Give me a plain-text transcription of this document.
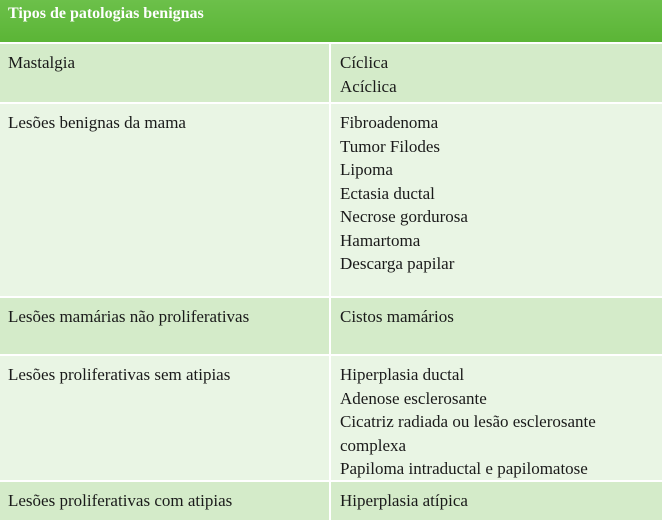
Tipos de patologias benignas
Mastalgia	Cíclica
Acíclica
Lesões benignas da mama	Fibroadenoma
Tumor Filodes
Lipoma
Ectasia ductal
Necrose gordurosa
Hamartoma
Descarga papilar
Lesões mamárias não proliferativas	Cistos mamários
Lesões proliferativas sem atipias	Hiperplasia ductal
Adenose esclerosante
Cicatriz radiada ou lesão esclerosante
complexa
Papiloma intraductal e papilomatose
Lesões proliferativas com atipias	Hiperplasia atípica
